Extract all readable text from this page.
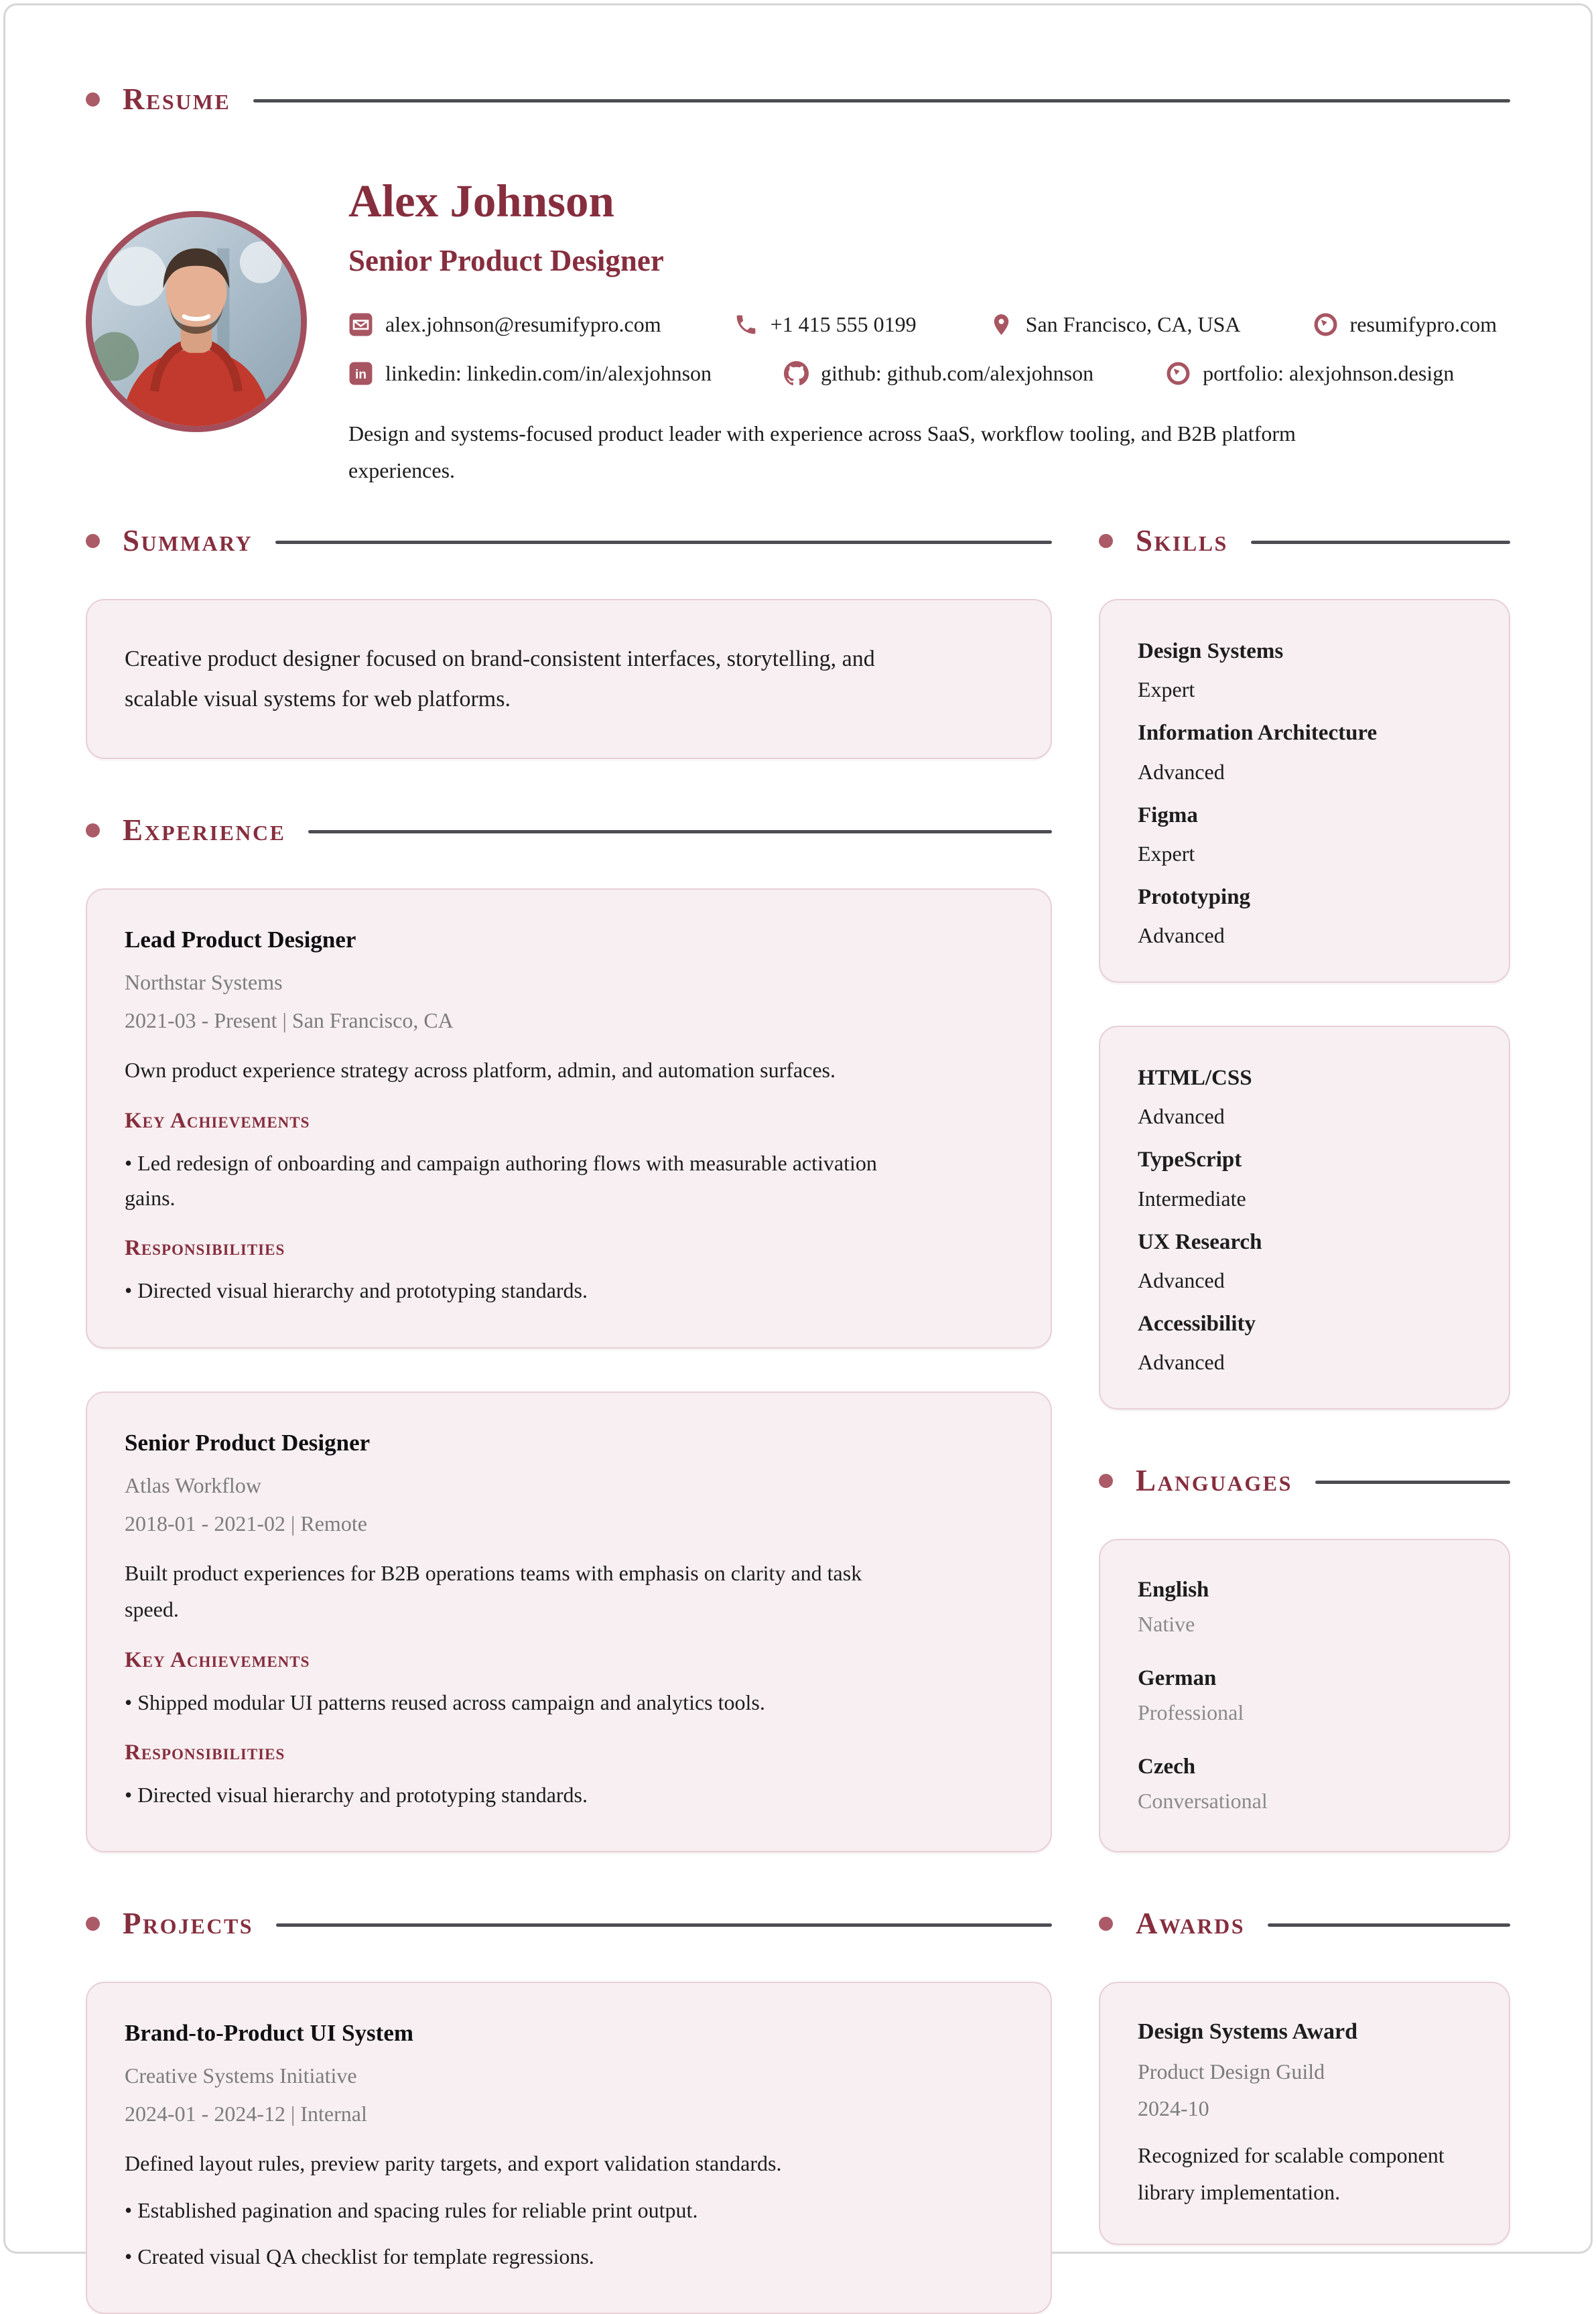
Resume
Alex Johnson
Senior Product Designer
alex.johnson@resumifypro.com	+1 415 555 0199	San Francisco, CA, USA	resumifypro.com
in linkedin: linkedin.com/in/alexjohnson	github: github.com/alexjohnson	portfolio: alexjohnson.design

Design and systems-focused product leader with experience across SaaS, workflow tooling, and B2B platform experiences.

Summary

Creative product designer focused on brand-consistent interfaces, storytelling, and scalable visual systems for web platforms.

Experience
Lead Product Designer
Northstar Systems
2021-03 - Present | San Francisco, CA
Own product experience strategy across platform, admin, and automation surfaces.
Key Achievements
• Led redesign of onboarding and campaign authoring flows with measurable activation gains.
Responsibilities
• Directed visual hierarchy and prototyping standards.
Senior Product Designer
Atlas Workflow
2018-01 - 2021-02 | Remote
Built product experiences for B2B operations teams with emphasis on clarity and task speed.
Key Achievements
• Shipped modular UI patterns reused across campaign and analytics tools.
Responsibilities
• Directed visual hierarchy and prototyping standards.
Projects
Brand-to-Product UI System
Creative Systems Initiative
2024-01 - 2024-12 | Internal
Defined layout rules, preview parity targets, and export validation standards.
• Established pagination and spacing rules for reliable print output.
• Created visual QA checklist for template regressions.
Skills
Design Systems
Expert
Information Architecture
Advanced
Figma
Expert
Prototyping
Advanced
HTML/CSS
Advanced
TypeScript
Intermediate
UX Research
Advanced
Accessibility
Advanced
Languages
English
Native
German
Professional
Czech
Conversational
Awards
Design Systems Award
Product Design Guild
2024-10
Recognized for scalable component library implementation.
